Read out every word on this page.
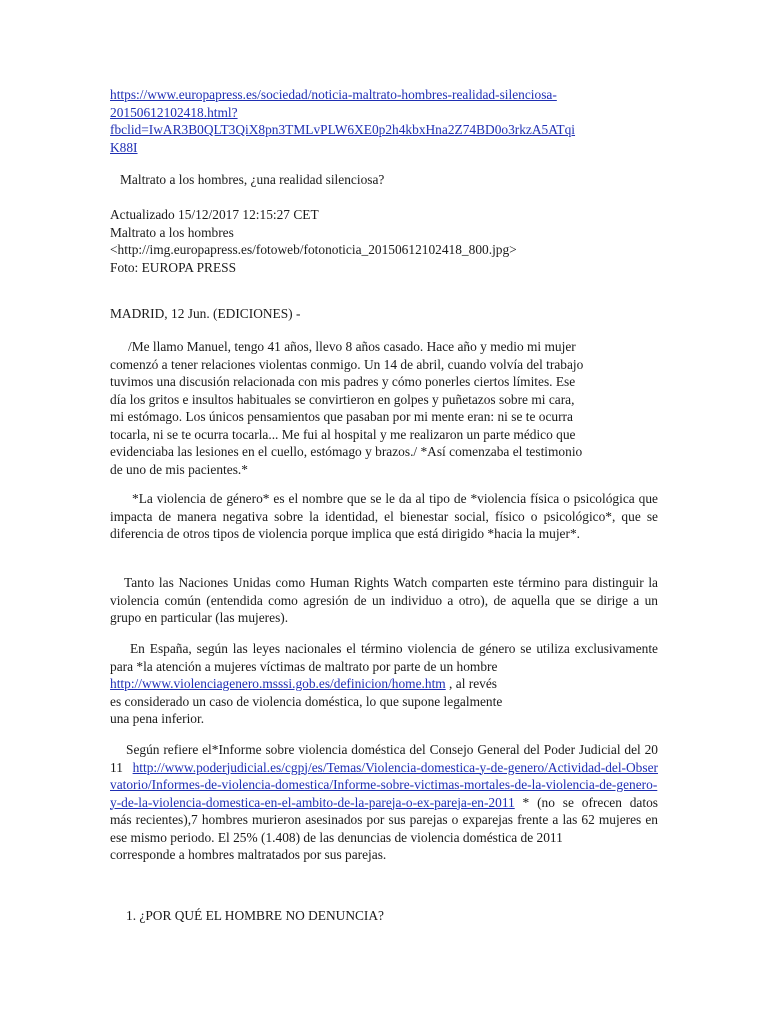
https://www.europapress.es/sociedad/noticia-maltrato-hombres-realidad-silenciosa-
20150612102418.html?
fbclid=IwAR3B0QLT3QiX8pn3TMLvPLW6XE0p2h4kbxHna2Z74BD0o3rkzA5ATqi
K88I
Maltrato a los hombres, ¿una realidad silenciosa?
Actualizado 15/12/2017 12:15:27 CET
Maltrato a los hombres
<http://img.europapress.es/fotoweb/fotonoticia_20150612102418_800.jpg>
Foto: EUROPA PRESS
MADRID, 12 Jun. (EDICIONES) -
/Me llamo Manuel, tengo 41 años, llevo 8 años casado. Hace año y medio mi mujer
comenzó a tener relaciones violentas conmigo. Un 14 de abril, cuando volvía del trabajo
tuvimos una discusión relacionada con mis padres y cómo ponerles ciertos límites. Ese
día los gritos e insultos habituales se convirtieron en golpes y puñetazos sobre mi cara,
mi estómago. Los únicos pensamientos que pasaban por mi mente eran: ni se te ocurra
tocarla, ni se te ocurra tocarla... Me fui al hospital y me realizaron un parte médico que
evidenciaba las lesiones en el cuello, estómago y brazos./ *Así comenzaba el testimonio
de uno de mis pacientes.*
*La violencia de género* es el nombre que se le da al tipo de *violencia física o psicológica que impacta de manera negativa sobre la identidad, el bienestar social, físico o psicológico*, que se diferencia de otros tipos de violencia porque implica que está dirigido *hacia la mujer*.
Tanto las Naciones Unidas como Human Rights Watch comparten este término para distinguir la violencia común (entendida como agresión de un individuo a otro), de aquella que se dirige a un grupo en particular (las mujeres).
En España, según las leyes nacionales el término violencia de género se utiliza exclusivamente para *la atención a mujeres víctimas de maltrato por parte de un hombre
http://www.violenciagenero.msssi.gob.es/definicion/home.htm , al revés
es considerado un caso de violencia doméstica, lo que supone legalmente
una pena inferior.
Según refiere el*Informe sobre violencia doméstica del Consejo General del Poder Judicial del 2011 http://www.poderjudicial.es/cgpj/es/Temas/Violencia-domestica-y-de-genero/Actividad-del-Observatorio/Informes-de-violencia-domestica/Informe-sobre-victimas-mortales-de-la-violencia-de-genero-y-de-la-violencia-domestica-en-el-ambito-de-la-pareja-o-ex-pareja-en-2011 * (no se ofrecen datos más recientes),7 hombres murieron asesinados por sus parejas o exparejas frente a las 62 mujeres en ese mismo periodo. El 25% (1.408) de las denuncias de violencia doméstica de 2011
corresponde a hombres maltratados por sus parejas.
1. ¿POR QUÉ EL HOMBRE NO DENUNCIA?
